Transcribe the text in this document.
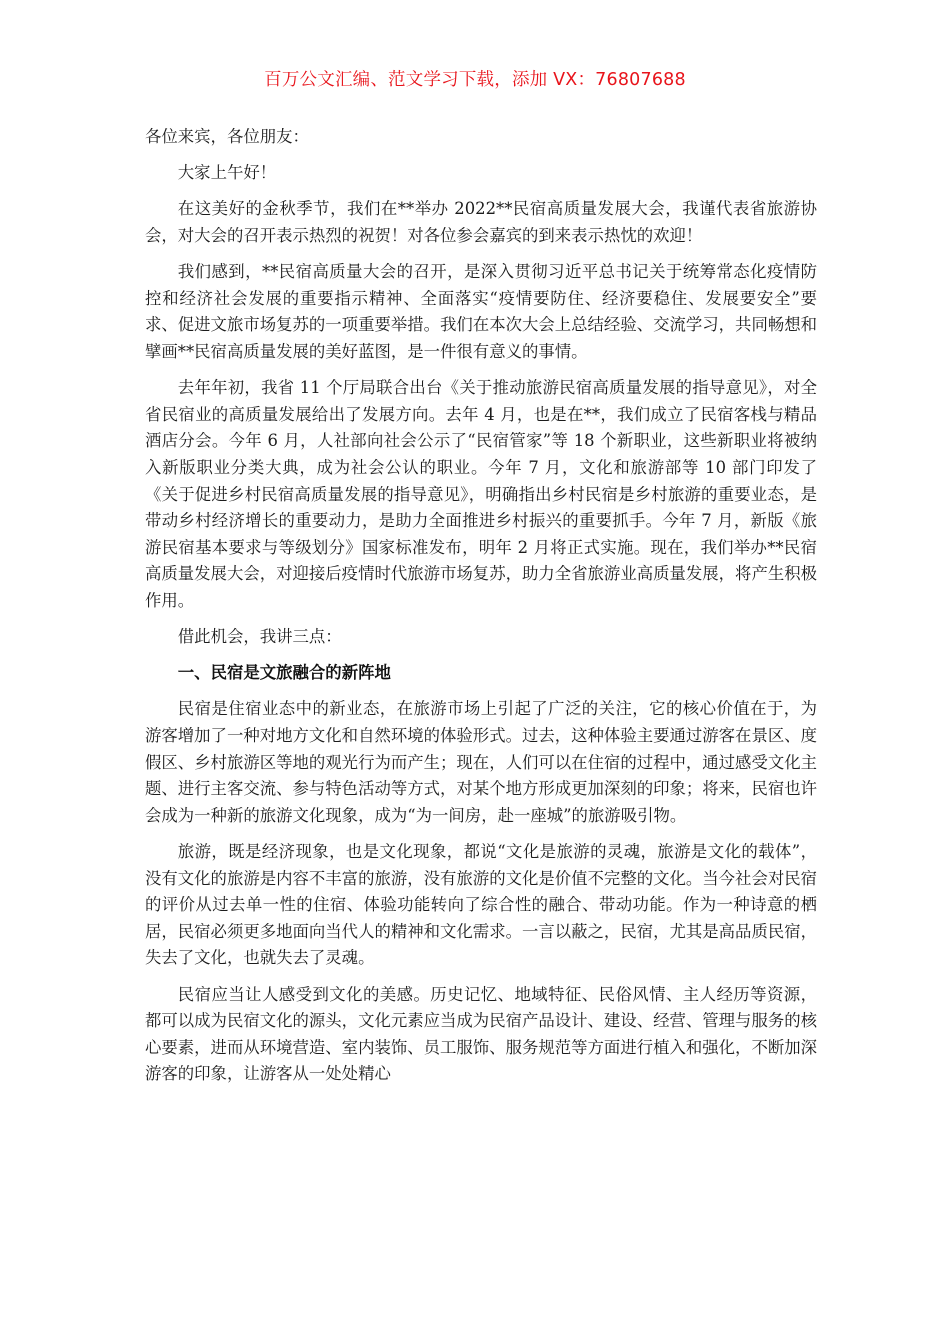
百万公文汇编、范文学习下载，添加 VX：76807688

各位来宾，各位朋友：

大家上午好！

在这美好的金秋季节，我们在**举办 2022**民宿高质量发展大会，我谨代表省旅游协会，对大会的召开表示热烈的祝贺！对各位参会嘉宾的到来表示热忱的欢迎！

我们感到，**民宿高质量大会的召开，是深入贯彻习近平总书记关于统筹常态化疫情防控和经济社会发展的重要指示精神、全面落实“疫情要防住、经济要稳住、发展要安全”要求、促进文旅市场复苏的一项重要举措。我们在本次大会上总结经验、交流学习，共同畅想和擘画**民宿高质量发展的美好蓝图，是一件很有意义的事情。

去年年初，我省 11 个厅局联合出台《关于推动旅游民宿高质量发展的指导意见》，对全省民宿业的高质量发展给出了发展方向。去年 4 月，也是在**，我们成立了民宿客栈与精品酒店分会。今年 6 月，人社部向社会公示了“民宿管家”等 18 个新职业，这些新职业将被纳入新版职业分类大典，成为社会公认的职业。今年 7 月，文化和旅游部等 10 部门印发了《关于促进乡村民宿高质量发展的指导意见》，明确指出乡村民宿是乡村旅游的重要业态，是带动乡村经济增长的重要动力，是助力全面推进乡村振兴的重要抓手。今年 7 月，新版《旅游民宿基本要求与等级划分》国家标准发布，明年 2 月将正式实施。现在，我们举办**民宿高质量发展大会，对迎接后疫情时代旅游市场复苏，助力全省旅游业高质量发展，将产生积极作用。

借此机会，我讲三点：

一、民宿是文旅融合的新阵地

民宿是住宿业态中的新业态，在旅游市场上引起了广泛的关注，它的核心价值在于，为游客增加了一种对地方文化和自然环境的体验形式。过去，这种体验主要通过游客在景区、度假区、乡村旅游区等地的观光行为而产生；现在，人们可以在住宿的过程中，通过感受文化主题、进行主客交流、参与特色活动等方式，对某个地方形成更加深刻的印象；将来，民宿也许会成为一种新的旅游文化现象，成为“为一间房，赴一座城”的旅游吸引物。

旅游，既是经济现象，也是文化现象，都说“文化是旅游的灵魂，旅游是文化的载体”，没有文化的旅游是内容不丰富的旅游，没有旅游的文化是价值不完整的文化。当今社会对民宿的评价从过去单一性的住宿、体验功能转向了综合性的融合、带动功能。作为一种诗意的栖居，民宿必须更多地面向当代人的精神和文化需求。一言以蔽之，民宿，尤其是高品质民宿，失去了文化，也就失去了灵魂。

民宿应当让人感受到文化的美感。历史记忆、地域特征、民俗风情、主人经历等资源，都可以成为民宿文化的源头，文化元素应当成为民宿产品设计、建设、经营、管理与服务的核心要素，进而从环境营造、室内装饰、员工服饰、服务规范等方面进行植入和强化，不断加深游客的印象，让游客从一处处精心
